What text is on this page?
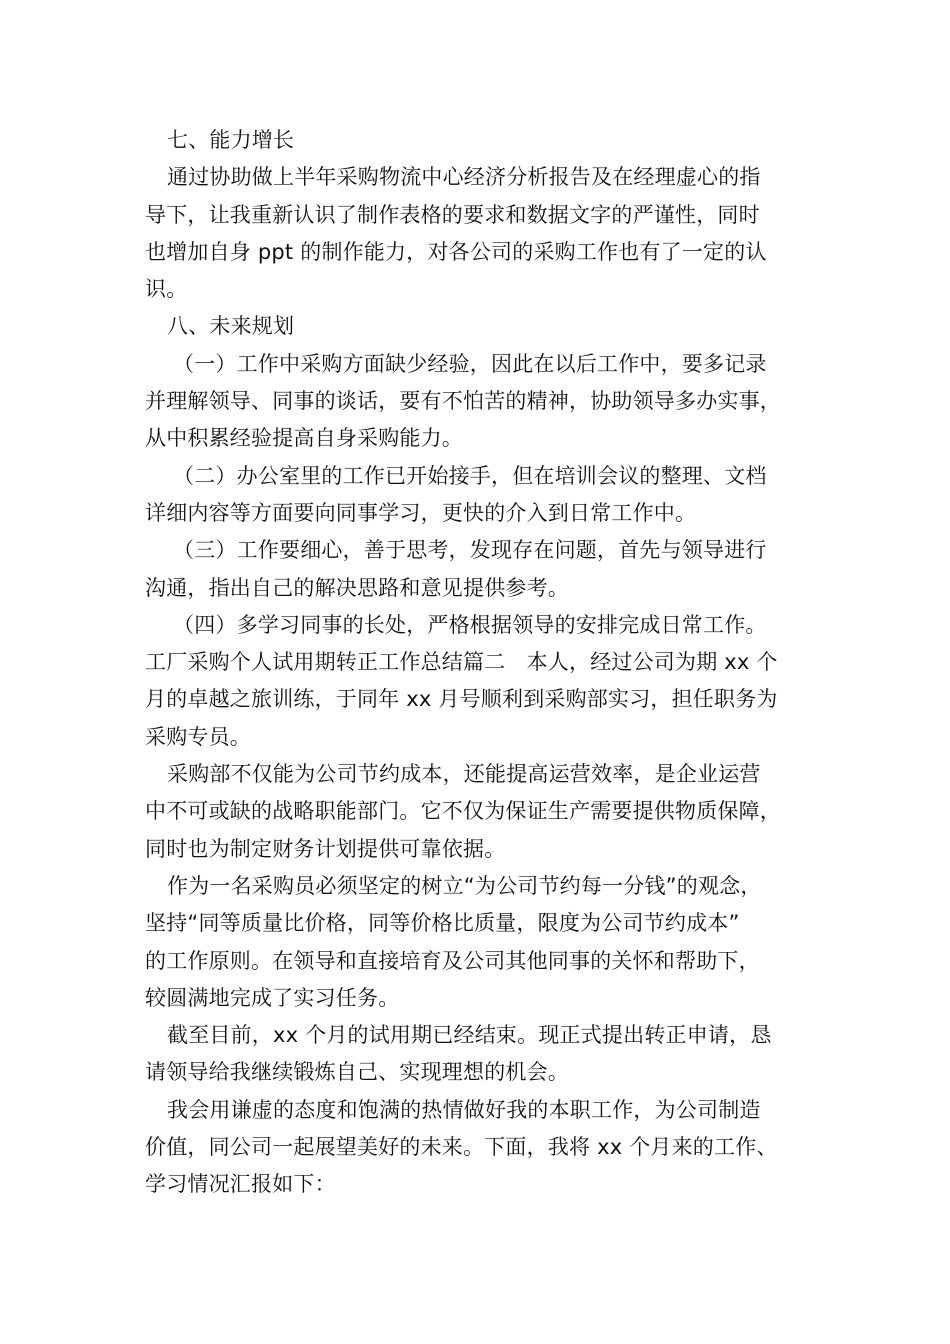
七、能力增长
通过协助做上半年采购物流中心经济分析报告及在经理虚心的指
导下，让我重新认识了制作表格的要求和数据文字的严谨性，同时
也增加自身 ppt 的制作能力，对各公司的采购工作也有了一定的认
识。
八、未来规划
（一）工作中采购方面缺少经验，因此在以后工作中，要多记录
并理解领导、同事的谈话，要有不怕苦的精神，协助领导多办实事，
从中积累经验提高自身采购能力。
（二）办公室里的工作已开始接手，但在培训会议的整理、文档
详细内容等方面要向同事学习，更快的介入到日常工作中。
（三）工作要细心，善于思考，发现存在问题，首先与领导进行
沟通，指出自己的解决思路和意见提供参考。
（四）多学习同事的长处，严格根据领导的安排完成日常工作。
工厂采购个人试用期转正工作总结篇二　本人，经过公司为期 xx 个
月的卓越之旅训练，于同年 xx 月号顺利到采购部实习，担任职务为
采购专员。
采购部不仅能为公司节约成本，还能提高运营效率，是企业运营
中不可或缺的战略职能部门。它不仅为保证生产需要提供物质保障，
同时也为制定财务计划提供可靠依据。
作为一名采购员必须坚定的树立“为公司节约每一分钱”的观念，
坚持“同等质量比价格，同等价格比质量，限度为公司节约成本”
的工作原则。在领导和直接培育及公司其他同事的关怀和帮助下，
较圆满地完成了实习任务。
截至目前，xx 个月的试用期已经结束。现正式提出转正申请，恳
请领导给我继续锻炼自己、实现理想的机会。
我会用谦虚的态度和饱满的热情做好我的本职工作，为公司制造
价值，同公司一起展望美好的未来。下面，我将 xx 个月来的工作、
学习情况汇报如下：
